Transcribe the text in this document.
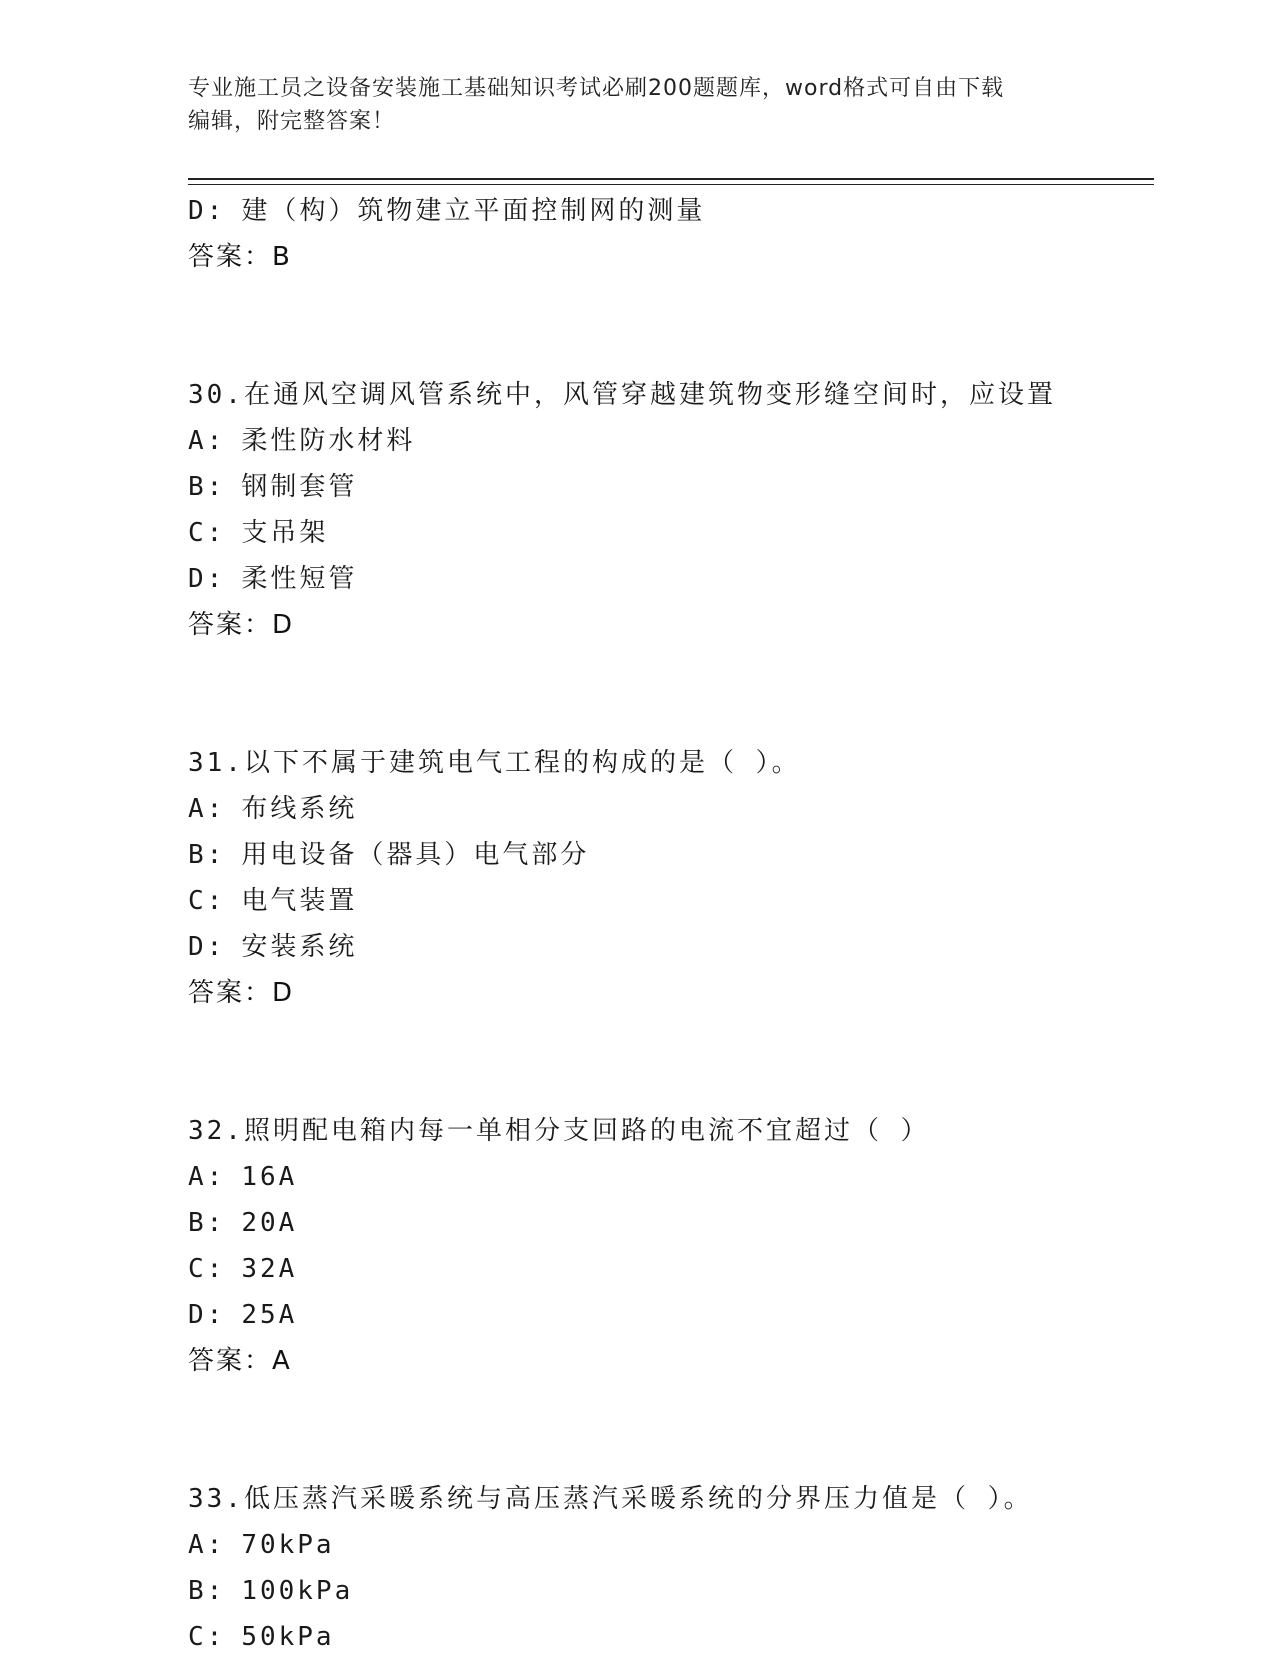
专业施工员之设备安装施工基础知识考试必刷200题题库，word格式可自由下载
编辑，附完整答案！
D: 建（构）筑物建立平面控制网的测量
答案：B
30.在通风空调风管系统中，风管穿越建筑物变形缝空间时，应设置
A: 柔性防水材料
B: 钢制套管
C: 支吊架
D: 柔性短管
答案：D
31.以下不属于建筑电气工程的构成的是（ ）。
A: 布线系统
B: 用电设备（器具）电气部分
C: 电气装置
D: 安装系统
答案：D
32.照明配电箱内每一单相分支回路的电流不宜超过（ ）
A: 16A
B: 20A
C: 32A
D: 25A
答案：A
33.低压蒸汽采暖系统与高压蒸汽采暖系统的分界压力值是（ ）。
A: 70kPa
B: 100kPa
C: 50kPa
